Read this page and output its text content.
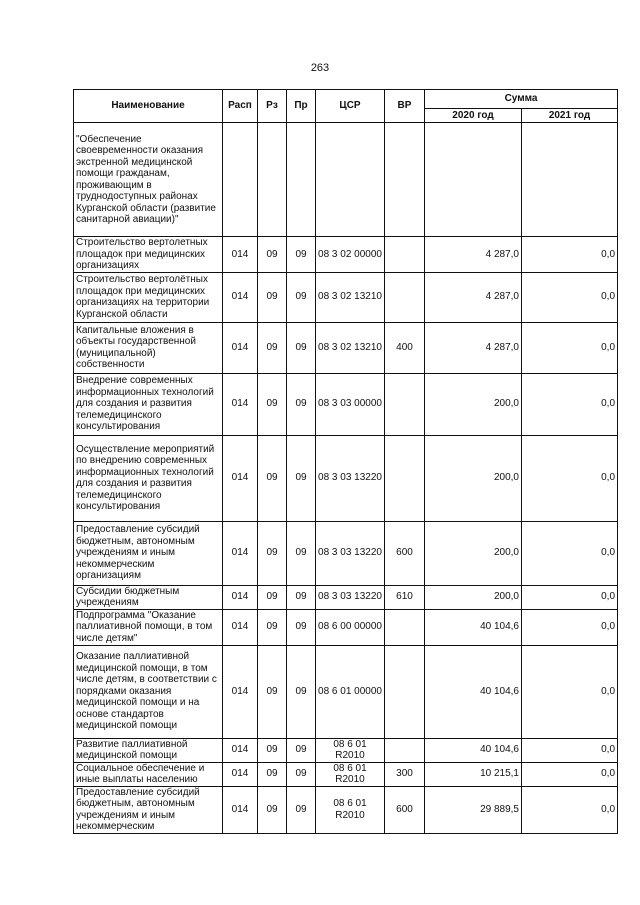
263
Наименование	Расп	Рз	Пр	ЦСР	ВР	Сумма	
						2020 год	2021 год
"Обеспечение своевременности оказания экстренной медицинской помощи гражданам, проживающим в труднодоступных районах Курганской области (развитие санитарной авиации)"							
Строительство вертолетных площадок при медицинских организациях	014	09	09	08 3 02 00000		4 287,0	0,0
Строительство вертолётных площадок при медицинских организациях на территории Курганской области	014	09	09	08 3 02 13210		4 287,0	0,0
Капитальные вложения в объекты государственной (муниципальной) собственности	014	09	09	08 3 02 13210	400	4 287,0	0,0
Внедрение современных информационных технологий для создания и развития телемедицинского консультирования	014	09	09	08 3 03 00000		200,0	0,0
Осуществление мероприятий по внедрению современных информационных технологий для создания и развития телемедицинского консультирования	014	09	09	08 3 03 13220		200,0	0,0
Предоставление субсидий бюджетным, автономным учреждениям и иным некоммерческим организациям	014	09	09	08 3 03 13220	600	200,0	0,0
Субсидии бюджетным учреждениям	014	09	09	08 3 03 13220	610	200,0	0,0
Подпрограмма "Оказание паллиативной помощи, в том числе детям"	014	09	09	08 6 00 00000		40 104,6	0,0
Оказание паллиативной медицинской помощи, в том числе детям, в соответствии с порядками оказания медицинской помощи и на основе стандартов медицинской помощи	014	09	09	08 6 01 00000		40 104,6	0,0
Развитие паллиативной медицинской помощи	014	09	09	08 6 01 R2010		40 104,6	0,0
Социальное обеспечение и иные выплаты населению	014	09	09	08 6 01 R2010	300	10 215,1	0,0
Предоставление субсидий бюджетным, автономным учреждениям и иным некоммерческим	014	09	09	08 6 01 R2010	600	29 889,5	0,0
